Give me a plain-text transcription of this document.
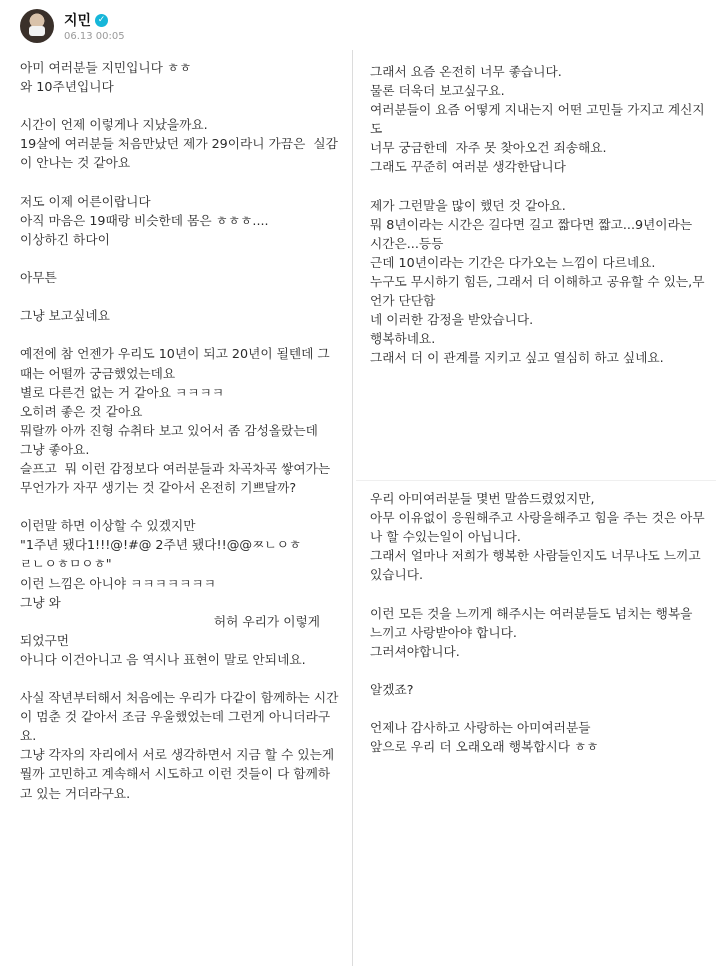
지민 ✓
06.13 00:05
아미 여러분들 지민입니다 ㅎㅎ
와 10주년입니다

시간이 언제 이렇게나 지났을까요.
19살에 여러분들 처음만났던 제가 29이라니 가끔은  실감이 안나는 것 같아요

저도 이제 어른이랍니다
아직 마음은 19때랑 비슷한데 몸은 ㅎㅎㅎ....
이상하긴 하다이

아무튼

그냥 보고싶네요

예전에 참 언젠가 우리도 10년이 되고 20년이 될텐데 그때는 어떨까 궁금했었는데요
별로 다른건 없는 거 같아요 ㅋㅋㅋㅋ
오히려 좋은 것 같아요
뭐랄까 아까 진형 슈취타 보고 있어서 좀 감성올랐는데
그냥 좋아요.
슬프고  뭐 이런 감정보다 여러분들과 차곡차곡 쌓여가는 무언가가 자꾸 생기는 것 같아서 온전히 기쁘달까?

이런말 하면 이상할 수 있겠지만
"1주년 됐다1!!!@!#@ 2주년 됐다!!@@ㅉㄴㅇㅎ
ㄹㄴㅇㅎㅁㅇㅎ"
이런 느낌은 아니야 ㅋㅋㅋㅋㅋㅋㅋ
그냥 와

허허 우리가 이렇게
되었구먼
아니다 이건아니고 음 역시나 표현이 말로 안되네요.

사실 작년부터해서 처음에는 우리가 다같이 함께하는 시간이 멈춘 것 같아서 조금 우울했었는데 그런게 아니더라구요.
그냥 각자의 자리에서 서로 생각하면서 지금 할 수 있는게 뭘까 고민하고 계속해서 시도하고 이런 것들이 다 함께하고 있는 거더라구요.
그래서 요즘 온전히 너무 좋습니다.
물론 더욱더 보고싶구요.
여러분들이 요즘 어떻게 지내는지 어떤 고민들 가지고 계신지도
너무 궁금한데  자주 못 찾아오건 죄송해요.
그래도 꾸준히 여러분 생각한답니다

제가 그런말을 많이 했던 것 같아요.
뭐 8년이라는 시간은 길다면 길고 짧다면 짧고...9년이라는 시간은...등등
근데 10년이라는 기간은 다가오는 느낌이 다르네요.
누구도 무시하기 힘든, 그래서 더 이해하고 공유할 수 있는,무언가 단단함
네 이러한 감정을 받았습니다.
행복하네요.
그래서 더 이 관계를 지키고 싶고 열심히 하고 싶네요.
우리 아미여러분들 몇번 말씀드렸었지만,
아무 이유없이 응원해주고 사랑을해주고 힘을 주는 것은 아무나 할 수있는일이 아닙니다.
그래서 얼마나 저희가 행복한 사람들인지도 너무나도 느끼고 있습니다.

이런 모든 것을 느끼게 해주시는 여러분들도 넘치는 행복을 느끼고 사랑받아야 합니다.
그러셔야합니다.

알겠죠?

언제나 감사하고 사랑하는 아미여러분들
앞으로 우리 더 오래오래 행복합시다 ㅎㅎ
